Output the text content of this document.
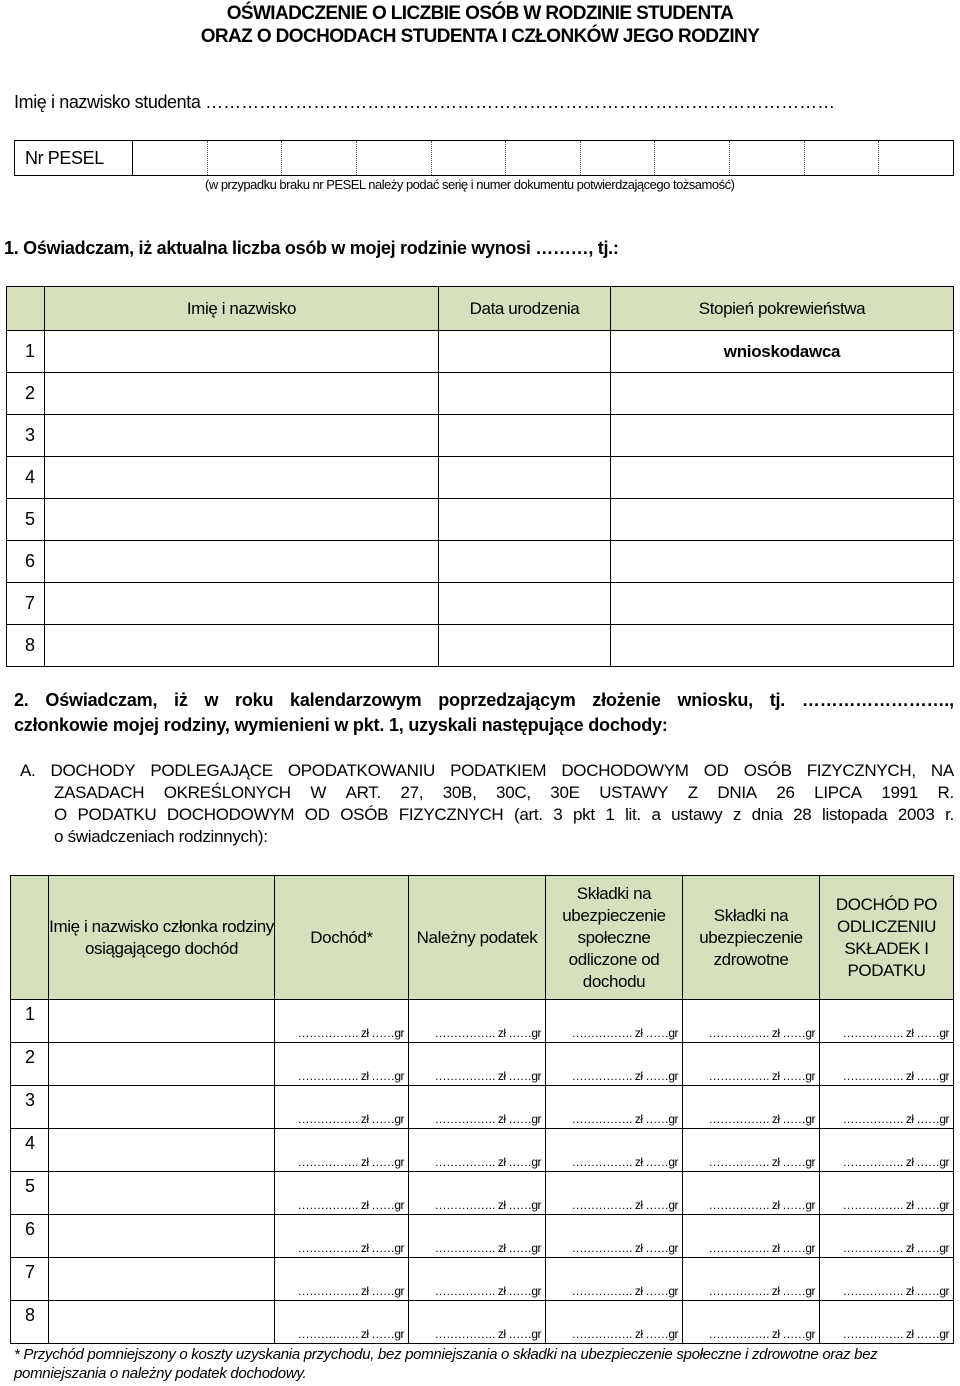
OŚWIADCZENIE O LICZBIE OSÓB W RODZINIE STUDENTA
ORAZ O DOCHODACH STUDENTA I CZŁONKÓW JEGO RODZINY
Imię i nazwisko studenta ……………………………………………………………………………………………
Nr PESEL
(w przypadku braku nr PESEL należy podać serię i numer dokumentu potwierdzającego tożsamość)
1. Oświadczam, iż aktualna liczba osób w mojej rodzinie wynosi ………, tj.:
	Imię i nazwisko	Data urodzenia	Stopień pokrewieństwa
1			wnioskodawca
2			
3			
4			
5			
6			
7			
8			
2. Oświadczam, iż w roku kalendarzowym poprzedzającym złożenie wniosku, tj. …………………….,
członkowie mojej rodziny, wymienieni w pkt. 1, uzyskali następujące dochody:
A. DOCHODY PODLEGAJĄCE OPODATKOWANIU PODATKIEM DOCHODOWYM OD OSÓB FIZYCZNYCH, NA
ZASADACH OKREŚLONYCH W ART. 27, 30B, 30C, 30E USTAWY Z DNIA 26 LIPCA 1991 R.
O PODATKU DOCHODOWYM OD OSÓB FIZYCZNYCH (art. 3 pkt 1 lit. a ustawy z dnia 28 listopada 2003 r.
o świadczeniach rodzinnych):
	Imię i nazwisko członka rodziny osiągającego dochód	Dochód*	Należny podatek	Składki na ubezpieczenie społeczne odliczone od dochodu	Składki na ubezpieczenie zdrowotne	DOCHÓD PO ODLICZENIU SKŁADEK I PODATKU
1		……………. zł ……gr	……………. zł ……gr	……………. zł ……gr	……………. zł ……gr	……………. zł ……gr
2		……………. zł ……gr	……………. zł ……gr	……………. zł ……gr	……………. zł ……gr	……………. zł ……gr
3		……………. zł ……gr	……………. zł ……gr	……………. zł ……gr	……………. zł ……gr	……………. zł ……gr
4		……………. zł ……gr	……………. zł ……gr	……………. zł ……gr	……………. zł ……gr	……………. zł ……gr
5		……………. zł ……gr	……………. zł ……gr	……………. zł ……gr	……………. zł ……gr	……………. zł ……gr
6		……………. zł ……gr	……………. zł ……gr	……………. zł ……gr	……………. zł ……gr	……………. zł ……gr
7		……………. zł ……gr	……………. zł ……gr	……………. zł ……gr	……………. zł ……gr	……………. zł ……gr
8		……………. zł ……gr	……………. zł ……gr	……………. zł ……gr	……………. zł ……gr	……………. zł ……gr
* Przychód pomniejszony o koszty uzyskania przychodu, bez pomniejszania o składki na ubezpieczenie społeczne i zdrowotne oraz bez
pomniejszania o należny podatek dochodowy.
